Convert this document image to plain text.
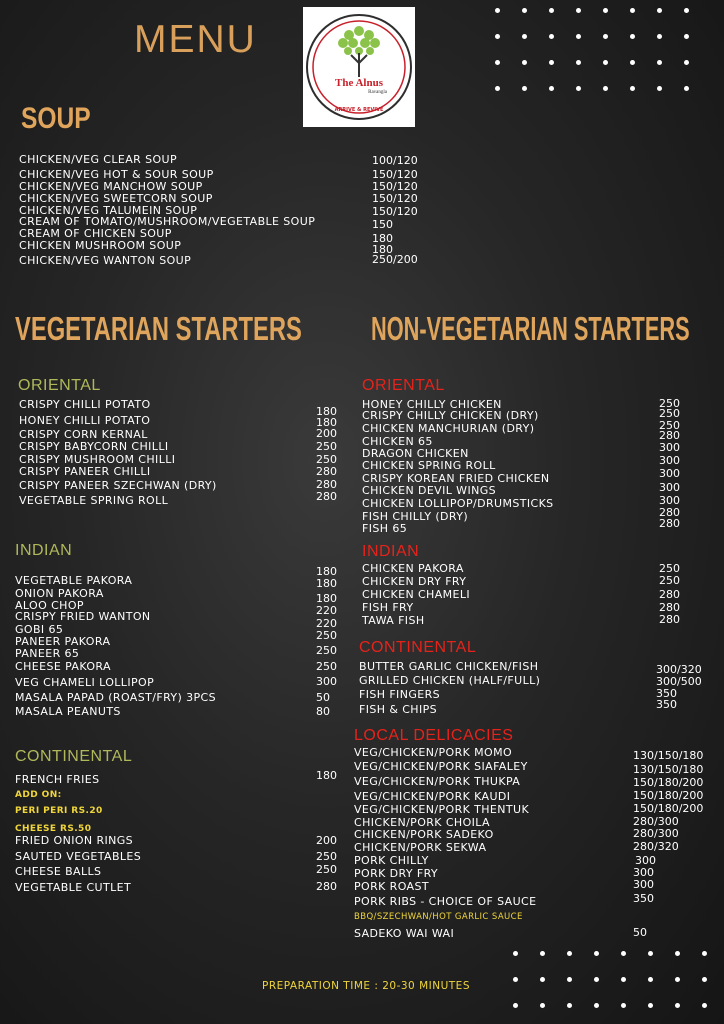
MENU
The Alnus
Ravangla
ARRIVE & REVIVE
SOUP
CHICKEN/VEG CLEAR SOUP
CHICKEN/VEG HOT & SOUR SOUP
CHICKEN/VEG MANCHOW SOUP
CHICKEN/VEG SWEETCORN SOUP
CHICKEN/VEG TALUMEIN SOUP
CREAM OF TOMATO/MUSHROOM/VEGETABLE SOUP
CREAM OF CHICKEN SOUP
CHICKEN MUSHROOM SOUP
CHICKEN/VEG WANTON SOUP
100/120
150/120
150/120
150/120
150/120
150
180
180
250/200
VEGETARIAN STARTERS NON-VEGETARIAN STARTERS
ORIENTAL
CRISPY CHILLI POTATO
HONEY CHILLI POTATO
CRISPY CORN KERNAL
CRISPY BABYCORN CHILLI
CRISPY MUSHROOM CHILLI
CRISPY PANEER CHILLI
CRISPY PANEER SZECHWAN (DRY)
VEGETABLE SPRING ROLL
180
180
200
250
250
280
280
280
INDIAN
VEGETABLE PAKORA
ONION PAKORA
ALOO CHOP
CRISPY FRIED WANTON
GOBI 65
PANEER PAKORA
PANEER 65
CHEESE PAKORA
VEG CHAMELI LOLLIPOP
MASALA PAPAD (ROAST/FRY) 3PCS
MASALA PEANUTS
180
180
180
220
220
250
250
250
300
50
80
CONTINENTAL
FRENCH FRIES	180
ADD ON:
PERI PERI RS.20
CHEESE RS.50
FRIED ONION RINGS
SAUTED VEGETABLES
CHEESE BALLS
VEGETABLE CUTLET
200
250
250
280
ORIENTAL
HONEY CHILLY CHICKEN
CRISPY CHILLY CHICKEN (DRY)
CHICKEN MANCHURIAN (DRY)
CHICKEN 65
DRAGON CHICKEN
CHICKEN SPRING ROLL
CRISPY KOREAN FRIED CHICKEN
CHICKEN DEVIL WINGS
CHICKEN LOLLIPOP/DRUMSTICKS
FISH CHILLY (DRY)
FISH 65
250
250
250
280
300
300
300
300
300
280
280
INDIAN
CHICKEN PAKORA
CHICKEN DRY FRY
CHICKEN CHAMELI
FISH FRY
TAWA FISH
250
250
280
280
280
CONTINENTAL
BUTTER GARLIC CHICKEN/FISH
GRILLED CHICKEN (HALF/FULL)
FISH FINGERS
FISH & CHIPS
300/320
300/500
350
350
LOCAL DELICACIES
VEG/CHICKEN/PORK MOMO
VEG/CHICKEN/PORK SIAFALEY
VEG/CHICKEN/PORK THUKPA
VEG/CHICKEN/PORK KAUDI
VEG/CHICKEN/PORK THENTUK
CHICKEN/PORK CHOILA
CHICKEN/PORK SADEKO
CHICKEN/PORK SEKWA
PORK CHILLY
PORK DRY FRY
PORK ROAST
PORK RIBS - CHOICE OF SAUCE
130/150/180
130/150/180
150/180/200
150/180/200
150/180/200
280/300
280/300
280/320
300
300
300
350
BBQ/SZECHWAN/HOT GARLIC SAUCE
SADEKO WAI WAI	50
PREPARATION TIME : 20-30 MINUTES
